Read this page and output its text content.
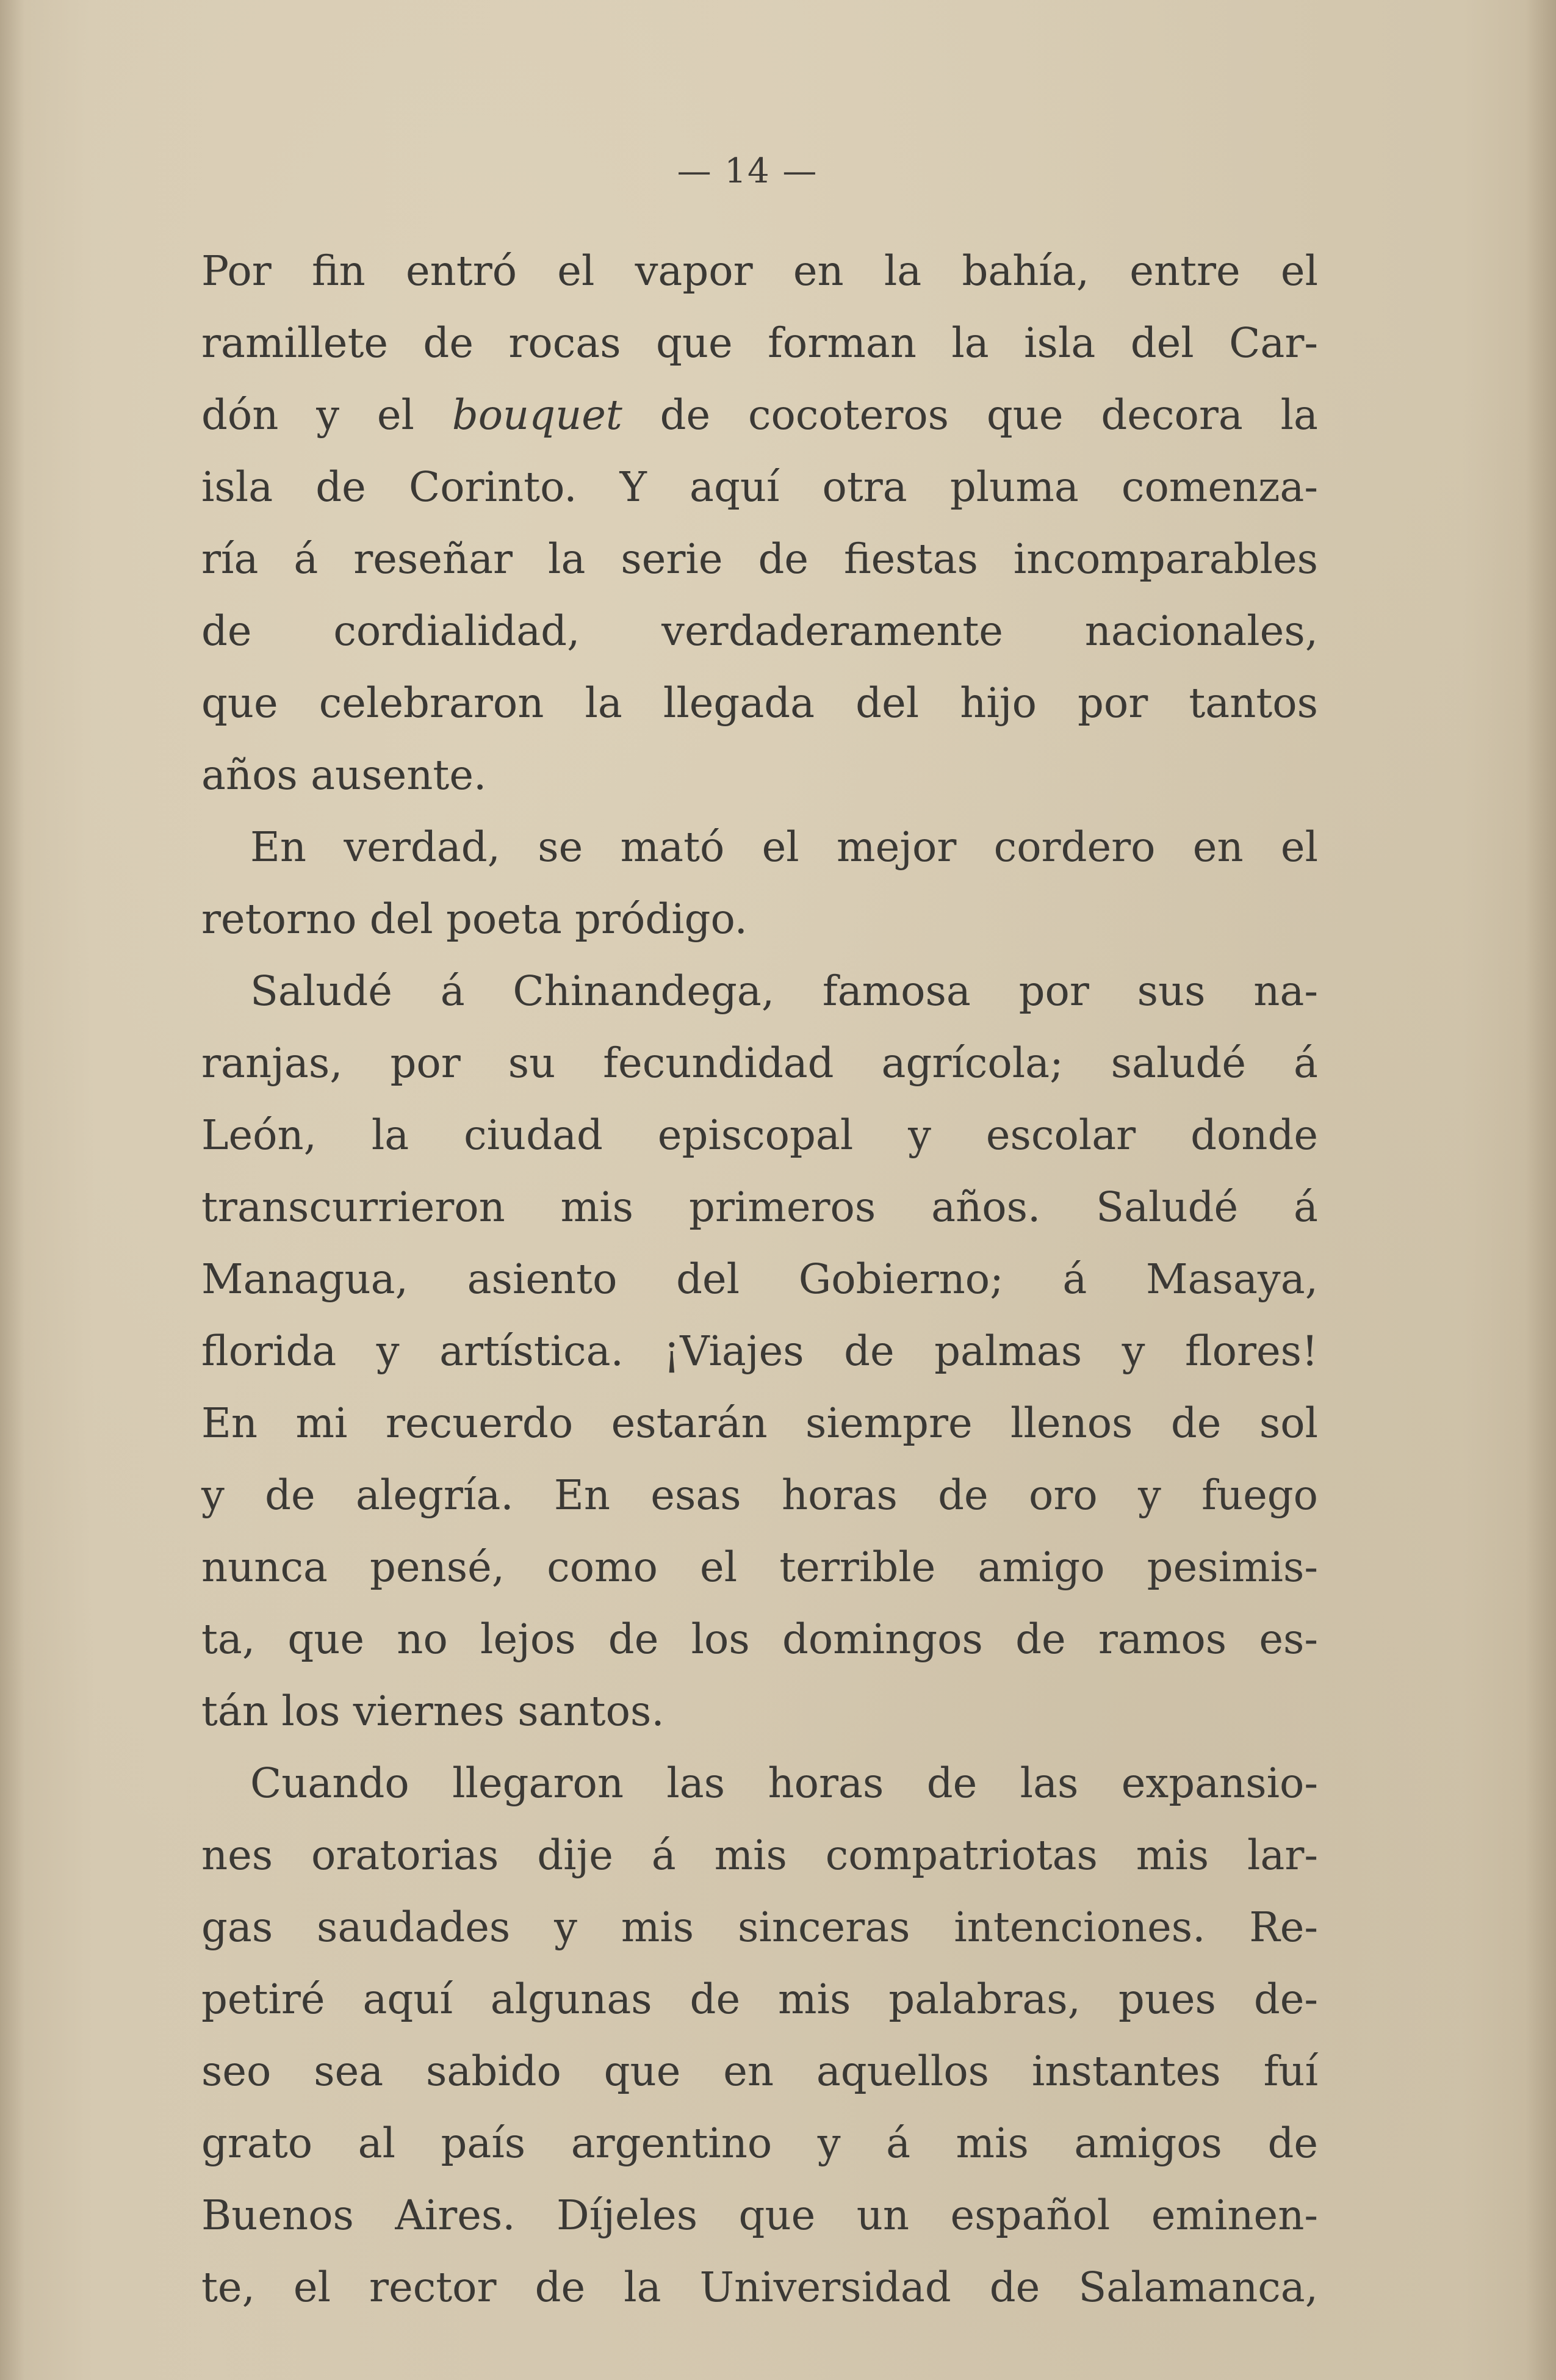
— 14 —
Por fin entró el vapor en la bahía, entre el
ramillete de rocas que forman la isla del Car-
dón y el bouquet de cocoteros que decora la
isla de Corinto. Y aquí otra pluma comenza-
ría á reseñar la serie de fiestas incomparables
de cordialidad, verdaderamente nacionales,
que celebraron la llegada del hijo por tantos
años ausente.
En verdad, se mató el mejor cordero en el
retorno del poeta pródigo.
Saludé á Chinandega, famosa por sus na-
ranjas, por su fecundidad agrícola; saludé á
León, la ciudad episcopal y escolar donde
transcurrieron mis primeros años. Saludé á
Managua, asiento del Gobierno; á Masaya,
florida y artística. ¡Viajes de palmas y flores!
En mi recuerdo estarán siempre llenos de sol
y de alegría. En esas horas de oro y fuego
nunca pensé, como el terrible amigo pesimis-
ta, que no lejos de los domingos de ramos es-
tán los viernes santos.
Cuando llegaron las horas de las expansio-
nes oratorias dije á mis compatriotas mis lar-
gas saudades y mis sinceras intenciones. Re-
petiré aquí algunas de mis palabras, pues de-
seo sea sabido que en aquellos instantes fuí
grato al país argentino y á mis amigos de
Buenos Aires. Díjeles que un español eminen-
te, el rector de la Universidad de Salamanca,
